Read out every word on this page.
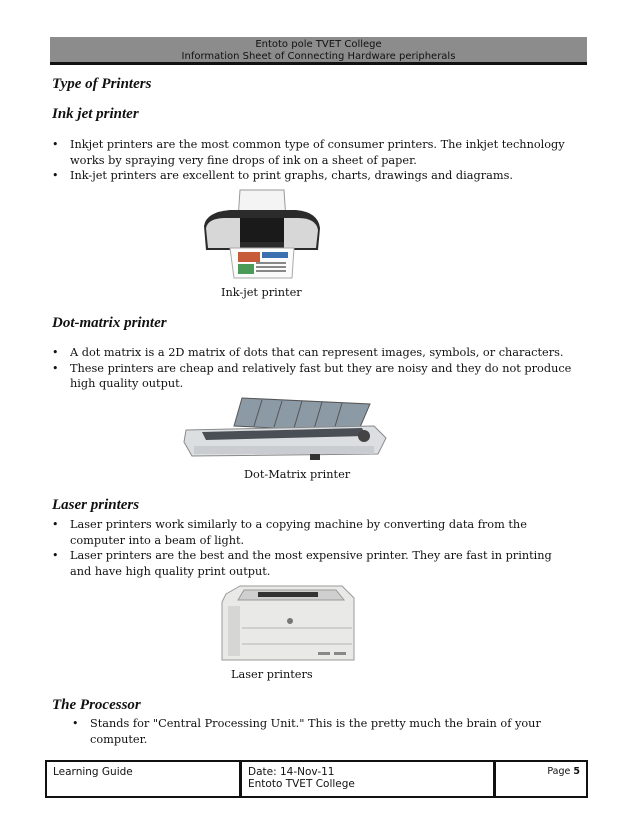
Entoto pole TVET College
Information Sheet of Connecting Hardware peripherals
Type of Printers
Ink jet printer
• Inkjet printers are the most common type of consumer printers. The inkjet technology works by spraying very fine drops of ink on a sheet of paper.
• Ink-jet printers are excellent to print graphs, charts, drawings and diagrams.
Ink-jet printer
Dot-matrix printer
• A dot matrix is a 2D matrix of dots that can represent images, symbols, or characters.
• These printers are cheap and relatively fast but they are noisy and they do not produce high quality output.
Dot-Matrix printer
Laser printers
• Laser printers work similarly to a copying machine by converting data from the computer into a beam of light.
• Laser printers are the best and the most expensive printer. They are fast in printing and have high quality print output.
Laser printers
The Processor
• Stands for "Central Processing Unit." This is the pretty much the brain of your computer.
Learning Guide	Date: 14-Nov-11
Entoto TVET College
Page 5
